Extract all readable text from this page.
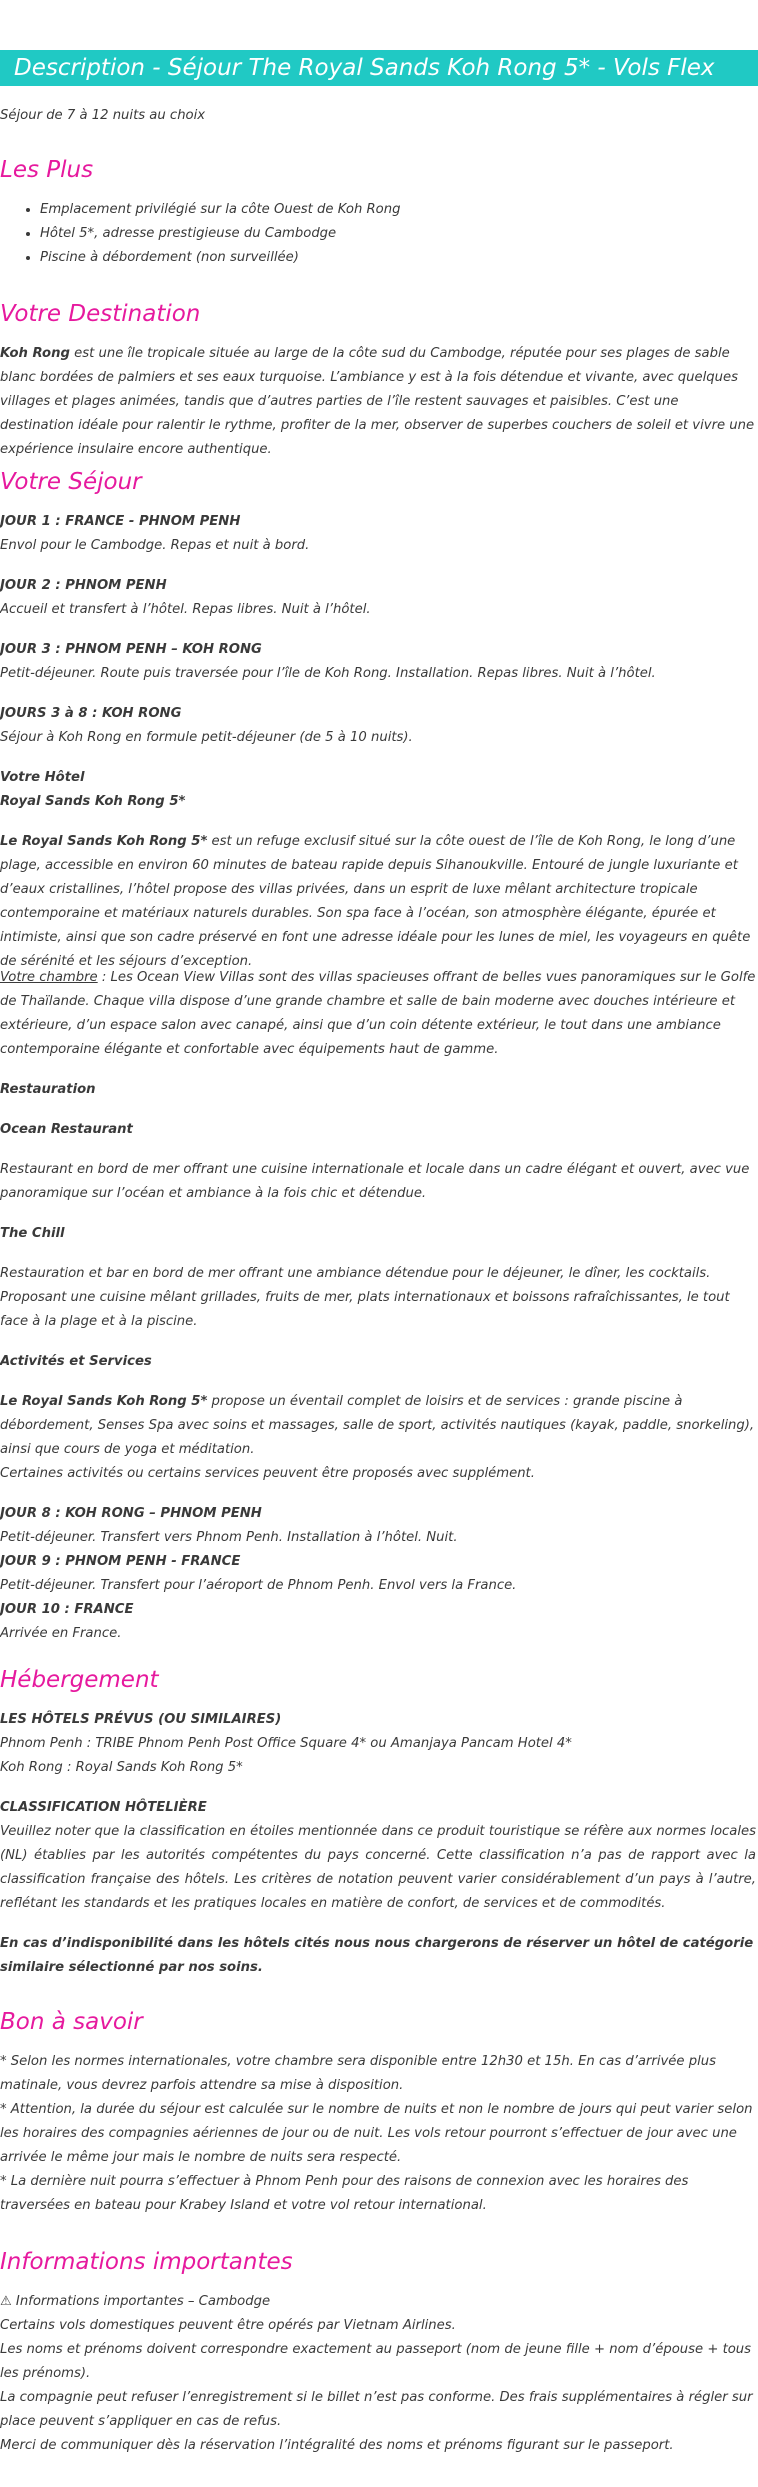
Description - Séjour The Royal Sands Koh Rong 5* - Vols Flex

Séjour de 7 à 12 nuits au choix

Les Plus
• Emplacement privilégié sur la côte Ouest de Koh Rong
• Hôtel 5*, adresse prestigieuse du Cambodge
• Piscine à débordement (non surveillée)
Votre Destination

Koh Rong est une île tropicale située au large de la côte sud du Cambodge, réputée pour ses plages de sable blanc bordées de palmiers et ses eaux turquoise. L’ambiance y est à la fois détendue et vivante, avec quelques villages et plages animées, tandis que d’autres parties de l’île restent sauvages et paisibles. C’est une destination idéale pour ralentir le rythme, profiter de la mer, observer de superbes couchers de soleil et vivre une expérience insulaire encore authentique.

Votre Séjour

JOUR 1 : FRANCE - PHNOM PENH

Envol pour le Cambodge. Repas et nuit à bord.

JOUR 2 : PHNOM PENH

Accueil et transfert à l’hôtel. Repas libres. Nuit à l’hôtel.

JOUR 3 : PHNOM PENH – KOH RONG

Petit-déjeuner. Route puis traversée pour l’île de Koh Rong. Installation. Repas libres. Nuit à l’hôtel.

JOURS 3 à 8 : KOH RONG

Séjour à Koh Rong en formule petit-déjeuner (de 5 à 10 nuits).

Votre Hôtel

Royal Sands Koh Rong 5*

Le Royal Sands Koh Rong 5* est un refuge exclusif situé sur la côte ouest de l’île de Koh Rong, le long d’une plage, accessible en environ 60 minutes de bateau rapide depuis Sihanoukville. Entouré de jungle luxuriante et d’eaux cristallines, l’hôtel propose des villas privées, dans un esprit de luxe mêlant architecture tropicale contemporaine et matériaux naturels durables. Son spa face à l’océan, son atmosphère élégante, épurée et intimiste, ainsi que son cadre préservé en font une adresse idéale pour les lunes de miel, les voyageurs en quête de sérénité et les séjours d’exception.

Votre chambre : Les Ocean View Villas sont des villas spacieuses offrant de belles vues panoramiques sur le Golfe de Thaïlande. Chaque villa dispose d’une grande chambre et salle de bain moderne avec douches intérieure et extérieure, d’un espace salon avec canapé, ainsi que d’un coin détente extérieur, le tout dans une ambiance contemporaine élégante et confortable avec équipements haut de gamme.

Restauration

Ocean Restaurant

Restaurant en bord de mer offrant une cuisine internationale et locale dans un cadre élégant et ouvert, avec vue panoramique sur l’océan et ambiance à la fois chic et détendue.

The Chill

Restauration et bar en bord de mer offrant une ambiance détendue pour le déjeuner, le dîner, les cocktails. Proposant une cuisine mêlant grillades, fruits de mer, plats internationaux et boissons rafraîchissantes, le tout face à la plage et à la piscine.

Activités et Services

Le Royal Sands Koh Rong 5* propose un éventail complet de loisirs et de services : grande piscine à débordement, Senses Spa avec soins et massages, salle de sport, activités nautiques (kayak, paddle, snorkeling), ainsi que cours de yoga et méditation.

Certaines activités ou certains services peuvent être proposés avec supplément.

JOUR 8 : KOH RONG – PHNOM PENH

Petit-déjeuner. Transfert vers Phnom Penh. Installation à l’hôtel. Nuit.

JOUR 9 : PHNOM PENH - FRANCE

Petit-déjeuner. Transfert pour l’aéroport de Phnom Penh. Envol vers la France.

JOUR 10 : FRANCE

Arrivée en France.

Hébergement

LES HÔTELS PRÉVUS (OU SIMILAIRES)

Phnom Penh : TRIBE Phnom Penh Post Office Square 4* ou Amanjaya Pancam Hotel 4*

Koh Rong : Royal Sands Koh Rong 5*

CLASSIFICATION HÔTELIÈRE

Veuillez noter que la classification en étoiles mentionnée dans ce produit touristique se réfère aux normes locales (NL) établies par les autorités compétentes du pays concerné. Cette classification n’a pas de rapport avec la classification française des hôtels. Les critères de notation peuvent varier considérablement d’un pays à l’autre, reflétant les standards et les pratiques locales en matière de confort, de services et de commodités.

En cas d’indisponibilité dans les hôtels cités nous nous chargerons de réserver un hôtel de catégorie similaire sélectionné par nos soins.

Bon à savoir

* Selon les normes internationales, votre chambre sera disponible entre 12h30 et 15h. En cas d’arrivée plus matinale, vous devrez parfois attendre sa mise à disposition.

* Attention, la durée du séjour est calculée sur le nombre de nuits et non le nombre de jours qui peut varier selon les horaires des compagnies aériennes de jour ou de nuit. Les vols retour pourront s’effectuer de jour avec une arrivée le même jour mais le nombre de nuits sera respecté.

* La dernière nuit pourra s’effectuer à Phnom Penh pour des raisons de connexion avec les horaires des traversées en bateau pour Krabey Island et votre vol retour international.

Informations importantes

⚠ Informations importantes – Cambodge

Certains vols domestiques peuvent être opérés par Vietnam Airlines.

Les noms et prénoms doivent correspondre exactement au passeport (nom de jeune fille + nom d’épouse + tous les prénoms).

La compagnie peut refuser l’enregistrement si le billet n’est pas conforme. Des frais supplémentaires à régler sur place peuvent s’appliquer en cas de refus.

Merci de communiquer dès la réservation l’intégralité des noms et prénoms figurant sur le passeport.
